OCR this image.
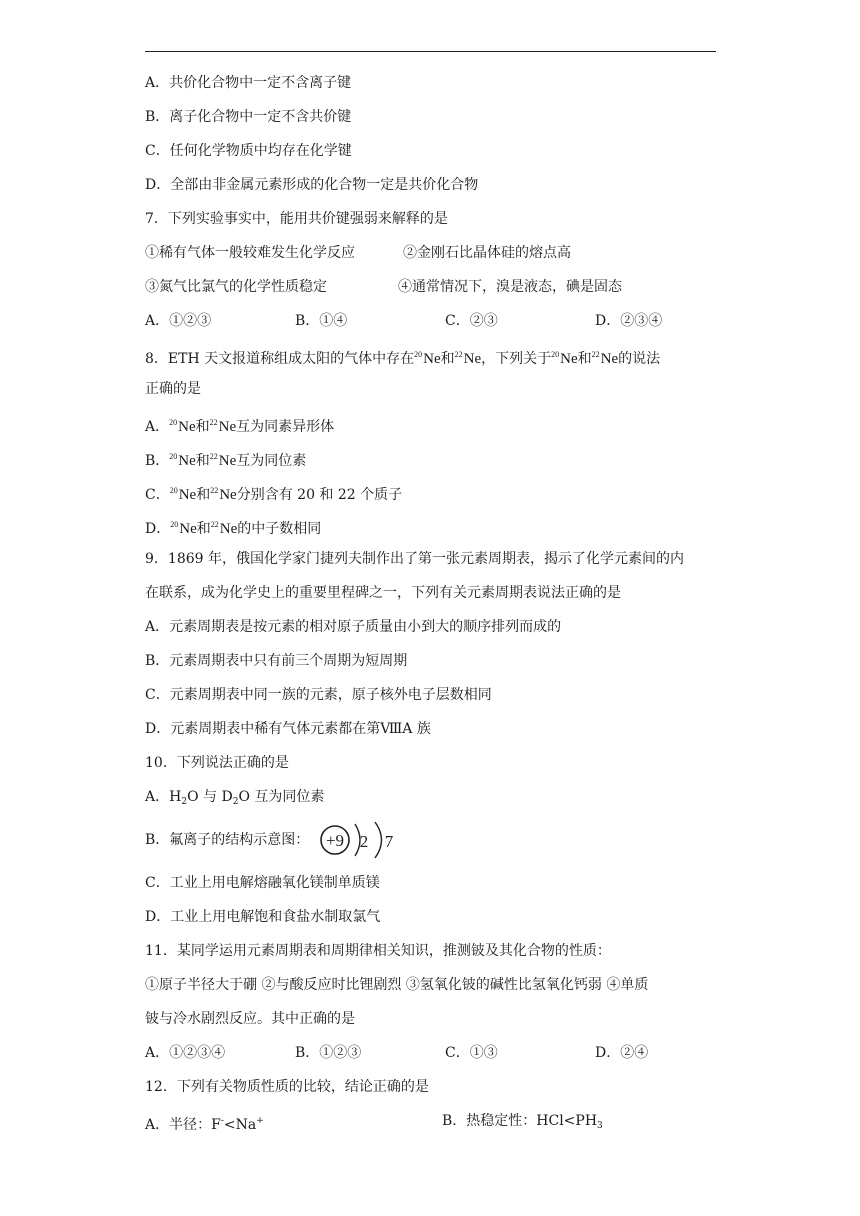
A．共价化合物中一定不含离子键
B．离子化合物中一定不含共价键
C．任何化学物质中均存在化学键
D．全部由非金属元素形成的化合物一定是共价化合物
7．下列实验事实中，能用共价键强弱来解释的是
①稀有气体一般较难发生化学反应	②金刚石比晶体硅的熔点高
③氮气比氯气的化学性质稳定	④通常情况下，溴是液态，碘是固态
A．①②③	B．①④	C．②③	D．②③④
8．ETH 天文报道称组成太阳的气体中存在$^{20}$Ne和$^{22}$Ne，下列关于$^{20}$Ne和$^{22}$Ne的说法
正确的是
A．$^{20}$Ne和$^{22}$Ne互为同素异形体
B．$^{20}$Ne和$^{22}$Ne互为同位素
C．$^{20}$Ne和$^{22}$Ne分别含有 20 和 22 个质子
D．$^{20}$Ne和$^{22}$Ne的中子数相同
9．1869 年，俄国化学家门捷列夫制作出了第一张元素周期表，揭示了化学元素间的内
在联系，成为化学史上的重要里程碑之一，下列有关元素周期表说法正确的是
A．元素周期表是按元素的相对原子质量由小到大的顺序排列而成的
B．元素周期表中只有前三个周期为短周期
C．元素周期表中同一族的元素，原子核外电子层数相同
D．元素周期表中稀有气体元素都在第ⅧA 族
10．下列说法正确的是
A．$H_2O$ 与 $D_2O$ 互为同位素
B．氟离子的结构示意图： +9 2 7
C．工业上用电解熔融氧化镁制单质镁
D．工业上用电解饱和食盐水制取氯气
11．某同学运用元素周期表和周期律相关知识，推测铍及其化合物的性质：
①原子半径大于硼 ②与酸反应时比锂剧烈 ③氢氧化铍的碱性比氢氧化钙弱 ④单质
铍与冷水剧烈反应。其中正确的是
A．①②③④	B．①②③	C．①③	D．②④
12．下列有关物质性质的比较，结论正确的是
A．半径：F-<Na+	B．热稳定性：$HCl<PH_3$
